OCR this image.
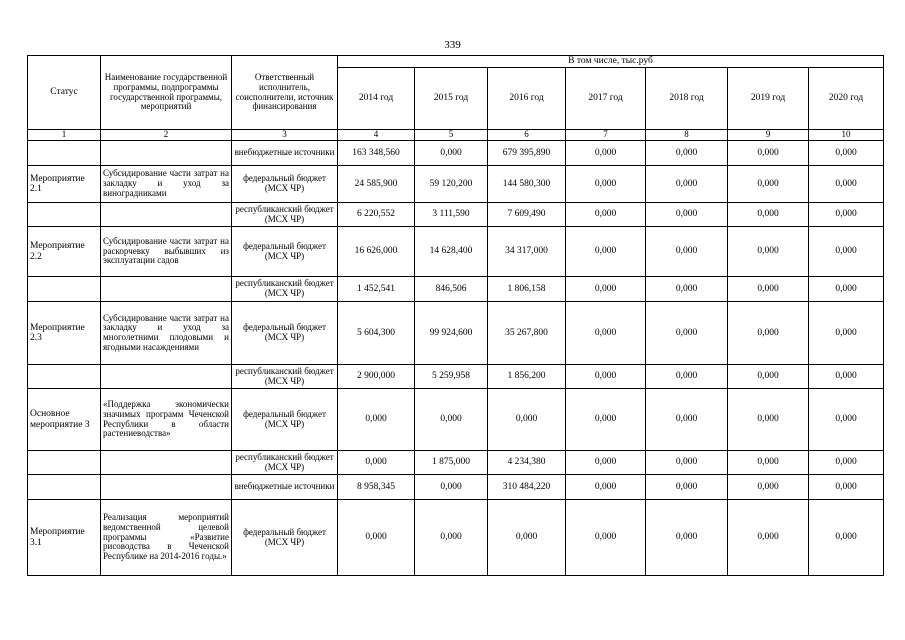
339
Статус	Наименование государственной программы, подпрограммы государственной программы, мероприятий	Ответственный исполнитель, соисполнители, источник финансирования	В том числе, тыс.руб						
			2014 год	2015 год	2016 год	2017 год	2018 год	2019 год	2020 год
1	2	3	4	5	6	7	8	9	10
		внебюджетные источники	163 348,560	0,000	679 395,890	0,000	0,000	0,000	0,000
Мероприятие 2.1	Субсидирование части затрат на закладку и уход за виноградниками	федеральный бюджет (МСХ ЧР)	24 585,900	59 120,200	144 580,300	0,000	0,000	0,000	0,000
		республиканский бюджет (МСХ ЧР)	6 220,552	3 111,590	7 609,490	0,000	0,000	0,000	0,000
Мероприятие 2.2	Субсидирование части затрат на раскорчевку выбывших из эксплуатации садов	федеральный бюджет (МСХ ЧР)	16 626,000	14 628,400	34 317,000	0,000	0,000	0,000	0,000
		республиканский бюджет (МСХ ЧР)	1 452,541	846,506	1 806,158	0,000	0,000	0,000	0,000
Мероприятие 2.3	Субсидирование части затрат на закладку и уход за многолетними плодовыми и ягодными насаждениями	федеральный бюджет (МСХ ЧР)	5 604,300	99 924,600	35 267,800	0,000	0,000	0,000	0,000
		республиканский бюджет (МСХ ЧР)	2 900,000	5 259,958	1 856,200	0,000	0,000	0,000	0,000
Основное мероприятие 3	«Поддержка экономически значимых программ Чеченской Республики в области растениеводства»	федеральный бюджет (МСХ ЧР)	0,000	0,000	0,000	0,000	0,000	0,000	0,000
		республиканский бюджет (МСХ ЧР)	0,000	1 875,000	4 234,380	0,000	0,000	0,000	0,000
		внебюджетные источники	8 958,345	0,000	310 484,220	0,000	0,000	0,000	0,000
Мероприятие 3.1	Реализация мероприятий ведомственной целевой программы «Развитие рисоводства в Чеченской Республике на 2014-2016 годы.»	федеральный бюджет (МСХ ЧР)	0,000	0,000	0,000	0,000	0,000	0,000	0,000
